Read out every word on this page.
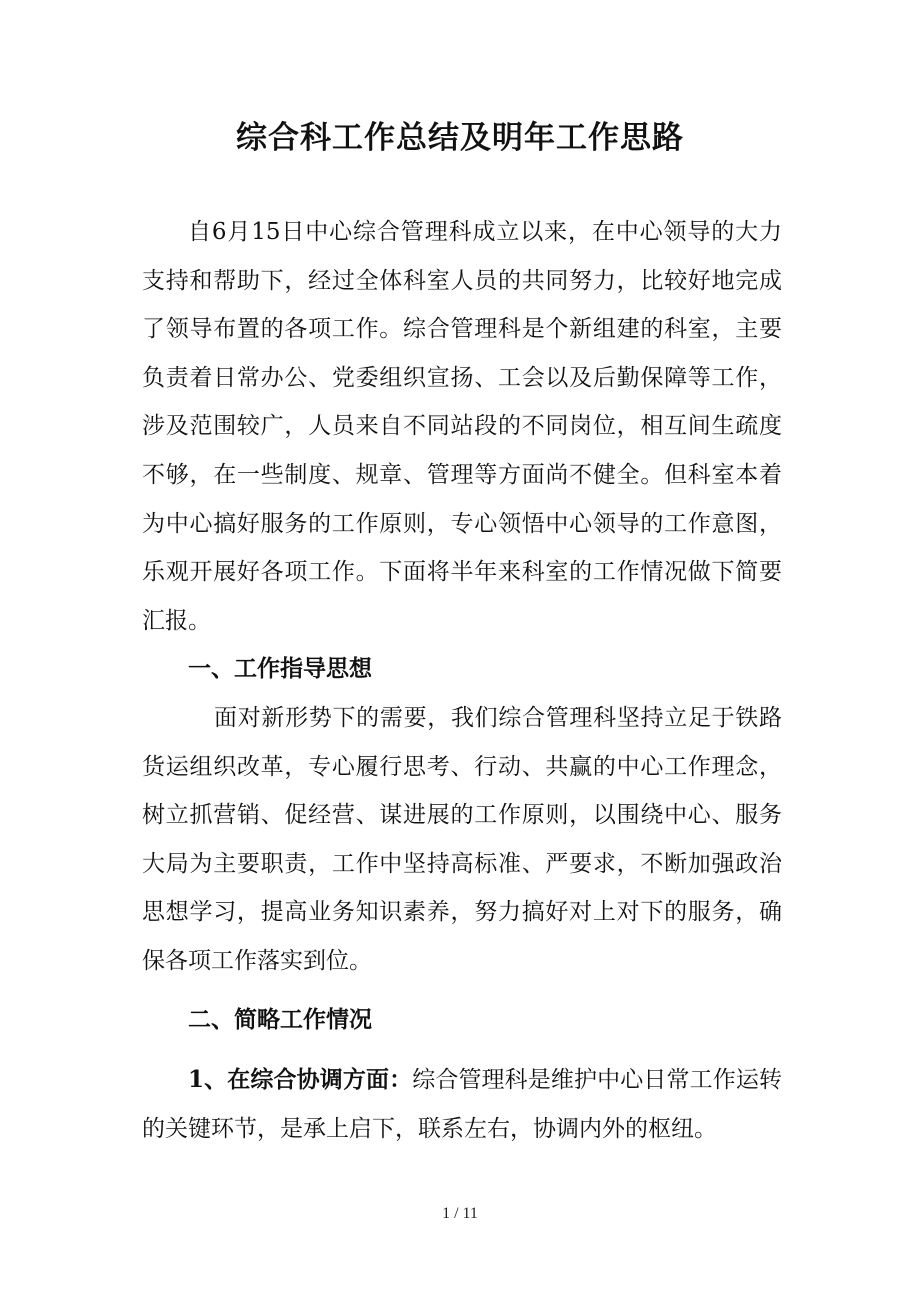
综合科工作总结及明年工作思路

自6月15日中心综合管理科成立以来，在中心领导的大力支持和帮助下，经过全体科室人员的共同努力，比较好地完成了领导布置的各项工作。综合管理科是个新组建的科室，主要负责着日常办公、党委组织宣扬、工会以及后勤保障等工作，涉及范围较广，人员来自不同站段的不同岗位，相互间生疏度不够，在一些制度、规章、管理等方面尚不健全。但科室本着为中心搞好服务的工作原则，专心领悟中心领导的工作意图，乐观开展好各项工作。下面将半年来科室的工作情况做下简要汇报。

一、工作指导思想

面对新形势下的需要，我们综合管理科坚持立足于铁路货运组织改革，专心履行思考、行动、共赢的中心工作理念，树立抓营销、促经营、谋进展的工作原则，以围绕中心、服务大局为主要职责，工作中坚持高标准、严要求，不断加强政治思想学习，提高业务知识素养，努力搞好对上对下的服务，确保各项工作落实到位。

二、简略工作情况

1、在综合协调方面：综合管理科是维护中心日常工作运转的关键环节，是承上启下，联系左右，协调内外的枢纽。

1 / 11
